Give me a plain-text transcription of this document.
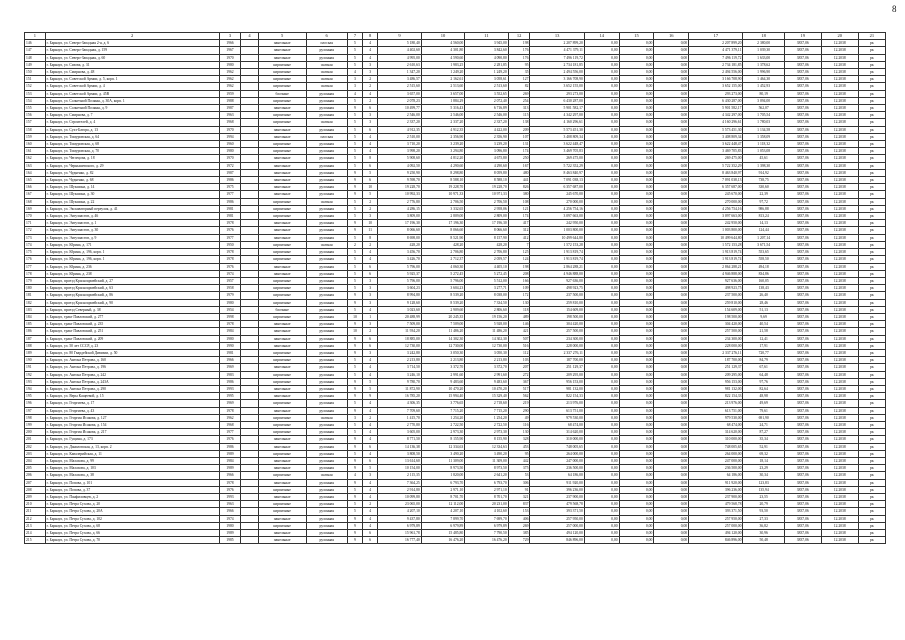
8
1	2	3	4	5	6	7	8	9	10	11	12	13	14	15	16	17	18	19	20	21
146	г. Барнаул, ул. Северо-Западная 2-я, д. 6	1966		панельные	плоская	5	4	5 180,40	4 560,00	3 945,00	198	2 207 899,20	0,00	0,00	0,00	2 207 899,20	2 380,00	3837,06	12.2038	рк
147	г. Барнаул, ул. Северо-Западная, д. 159	1967		панельные	рулонная	5	4	4 402,60	4 301,80	3 842,60	176	4 471 379,11	0,00	0,00	0,00	4 471 379,11	1 039,30	3837,06	12.2038	рк
148	г. Барнаул, ул. Северо-Западная, д. 60	1970		панельные	рулонная	5	4	4 995,00	4 590,60	4 090,80	176	7 496 119,72	0,00	0,00	0,00	7 496 119,72	1 633,00	3837,06	12.2038	рк
149	г. Барнаул, ул. Сизова, д. 31	1980		кирпичные	скатная	5	3	2 610,63	1 983,25	2 281,85	95	2 734 181,85	0,00	0,00	0,00	2 734 181,85	1 378,62	3837,06	12.2038	рк
150	г. Барнаул, ул. Смирнова, д. 48	1962		кирпичные	скатная	4	3	1 347,20	1 249,20	1 249,20	35	2 494 556,00	0,00	0,00	0,00	2 494 556,00	1 996,90	3837,06	12.2038	рк
151	г. Барнаул, ул. Советской Армии, д. 5, корп. 1	1962		кирпичные	скатная	3	2	3 486,57	2 162,61	3 058,61	127	3 166 708,90	0,00	0,00	0,00	3 166 708,90	1 464,30	3837,06	12.2038	рк
152	г. Барнаул, ул. Советской Армии, д. 4	1962		кирпичные	скатная	3	2	2 515,60	2 513,60	2 513,60	82	3 652 155,00	0,00	0,00	0,00	3 652 155,00	1 452,93	3837,06	12.2038	рк
153	г. Барнаул, ул. Советской Армии, д. 45В	1959		блочные	рулонная	4	4	3 657,00	3 657,00	3 552,65	269	293 273,00	0,00	0,00	0,00	293 273,00	80,19	3837,06	12.2038	рк
154	г. Барнаул, ул. Солнечной Поляны, д. 30А, корп. 1	1988		кирпичные	рулонная	5	2	2 078,23	1 884,29	2 072,40	254	6 430 287,00	0,00	0,00	0,00	6 430 287,00	3 094,00	3837,06	12.2038	рк
155	г. Барнаул, ул. Солнечной Поляны, д. 9	1987		панельные	рулонная	9	6	10 499,77	5 316,43	6 716,89	313	5 901 582,17	0,00	0,00	0,00	5 901 582,17	562,07	3837,06	12.2038	рк
156	г. Барнаул, ул. Смирнова, д. 7	1963		кирпичные	рулонная	5	3	2 546,00	2 546,00	2 546,00	115	4 342 297,00	0,00	0,00	0,00	4 342 297,00	1 705,54	3837,06	12.2038	рк
157	г. Барнаул, ул. Строителей, д. 4	1968		кирпичные	скатная	5	3	2 337,20	2 337,20	2 337,20	138	4 160 296,61	0,00	0,00	0,00	4 160 296,61	1 780,03	3837,06	12.2038	рк
158	г. Барнаул, ул. Сухэ-Батора, д. 13	1970		панельные	рулонная	5	6	4 912,35	4 912,35	4 422,00	209	5 573 451,30	0,00	0,00	0,00	5 573 451,30	1 134,58	3837,06	12.2038	рк
159	г. Барнаул, ул. Тимуровская, д. 64	1994		панельные	плоская	5	4	2 510,00	2 356,90	2 356,90	107	3 408 809,34	0,00	0,00	0,00	3 408 809,34	1 358,09	3837,06	12.2038	рк
160	г. Барнаул, ул. Тимуровская, д. 68	1960		кирпичные	рулонная	5	4	3 710,20	3 239,20	3 239,20	131	3 622 448,47	0,00	0,00	0,00	3 622 448,47	1 118,32	3837,06	12.2038	рк
161	г. Барнаул, ул. Тимуровская, д. 70	1980		кирпичные	рулонная	5	4	3 998,20	3 294,80	3 096,80	174	3 469 705,83	0,00	0,00	0,00	3 469 705,83	1 053,08	3837,06	12.2038	рк
162	г. Барнаул, ул. Чеглецова, д. 18	1970		панельные	рулонная	5	8	5 908,60	4 812,20	4 675,80	250	269 475,00	0,00	0,00	0,00	269 475,00	45,61	3837,06	12.2038	рк
163	г. Барнаул, ул. Чернышевского, д. 29	1972		панельные	рулонная	5	6	4 092,50	4 290,60	4 290,60	167	5 722 352,29	0,00	0,00	0,00	5 722 352,29	1 398,30	3837,06	12.2038	рк
164	г. Барнаул, ул. Чудненко, д. 82	1987		панельные	рулонная	9	5	9 250,90	8 298,80	8 059,80	480	8 463 840,97	0,00	0,00	0,00	8 463 840,97	914,92	3837,06	12.2038	рк
165	г. Барнаул, ул. Чудненко, д. 68	1986		панельные	рулонная	9	6	9 598,70	8 588,10	8 588,10	441	7 091 038,13	0,00	0,00	0,00	7 091 038,13	738,75	3837,06	12.2038	рк
166	г. Барнаул, ул. Шукшина, д. 14	1975		панельные	рулонная	9	10	19 228,70	19 228,70	19 228,70	826	6 357 687,00	0,00	0,00	0,00	6 357 687,00	330,60	3837,06	12.2038	рк
167	г. Барнаул, ул. Шукшина, д. 30	1977		панельные	рулонная	9	5	10 992,33	10 971,33	10 971,33	380	245 670,00	0,00	0,00	0,00	245 670,00	22,39	3837,06	12.2038	рк
168	г. Барнаул, ул. Шукшина, д. 22	1986		кирпичные	скатная	5	2	2 776,80	2 706,50	2 706,50	108	270 000,00	0,00	0,00	0,00	270 000,00	97,72	3837,06	12.2038	рк
169	г. Барнаул, ул. Экскаваторный переулок, д. 41	1981		кирпичные	рулонная	5	2	4 286,15	3 332,65	2 958,06	121	4 256 754,16	0,00	0,00	0,00	4 256 754,16	986,88	3837,06	12.2038	рк
170	г. Барнаул, ул. Энтузиастов, д. 46	1981		кирпичные	рулонная	5	3	3 809,00	2 809,00	2 809,00	174	3 097 663,00	0,00	0,00	0,00	3 097 663,00	813,24	3837,06	12.2038	рк
171	г. Барнаул, ул. Энтузиастов, д. 1	1978		панельные	рулонная	9	10	17 196,30	17 196,30	17 196,30	417	242 950,00	0,00	0,00	0,00	242 950,00	14,13	3837,06	12.2038	рк
172	г. Барнаул, ул. Энтузиастов, д. 30	1976		панельные	рулонная	9	11	8 066,60	8 066,60	8 066,60	312	1 003 800,00	0,00	0,00	0,00	1 003 800,00	124,44	3837,06	12.2038	рк
173	г. Барнаул, ул. Энтузиастов, д. 9	1977		панельные	рулонная	5	8	8 698,00	8 521,90	8 157,90	412	10 499 644,80	0,00	0,00	0,00	10 499 644,80	1 207,14	3837,06	12.2038	рк
174	г. Барнаул, ул. Юрина, д. 171	1950		кирпичные	скатная	2	2	428,20	428,20	428,20	7	1 572 153,28	0,00	0,00	0,00	1 572 153,28	3 671,54	3837,06	12.2038	рк
175	г. Барнаул, ул. Юрина, д. 196, корп. 1	1978		кирпичные	рулонная	5	4	3 456,70	2 706,80	2 706,80	125	1 913 819,74	0,00	0,00	0,00	1 913 819,74	553,65	3837,06	12.2038	рк
176	г. Барнаул, ул. Юрина, д. 196, корп. 1	1978		кирпичные	рулонная	5	4	3 426,70	2 712,37	2 059,57	124	1 913 819,74	0,00	0,00	0,00	1 913 819,74	558,50	3837,06	12.2038	рк
177	г. Барнаул, ул. Юрина, д. 236	1976		панельные	рулонная	5	6	5 796,00	4 060,30	4 405,10	198	2 864 288,21	0,00	0,00	0,00	2 864 288,21	494,18	3837,06	12.2038	рк
178	г. Барнаул, ул. Юрина, д. 238	1974		панельные	рулонная	5	6	5 925,37	5 272,45	5 272,45	208	4 946 888,00	0,00	0,00	0,00	4 946 888,00	834,86	3837,06	12.2038	рк
179	г. Барнаул, проезд Красноармейский, д. 27	1957		кирпичные	рулонная	5	3	5 796,00	5 796,00	5 512,00	166	927 636,00	0,00	0,00	0,00	927 636,00	160,05	3837,06	12.2038	рк
180	г. Барнаул, проезд Красноармейский, д. 63	1958		кирпичные	рулонная	5	3	3 604,23	3 604,23	3 277,71	109	498 923,75	0,00	0,00	0,00	498 923,75	138,43	3837,06	12.2038	рк
181	г. Барнаул, проезд Красноармейский, д. 86	1979		кирпичные	рулонная	9	3	8 994,80	8 539,20	8 038,00	172	237 500,00	0,00	0,00	0,00	237 500,00	26,40	3837,06	12.2038	рк
182	г. Барнаул, проезд Красноармейский, д. 90	1980		кирпичные	рулонная	9	3	9 128,60	8 539,20	7 334,50	130	259 810,00	0,00	0,00	0,00	259 810,00	28,46	3837,06	12.2038	рк
183	г. Барнаул, проезд Северный, д. 38	1954		блочные	рулонная	5	4	3 023,60	2 909,60	2 806,60	118	154 609,00	0,00	0,00	0,00	154 609,00	51,13	3837,06	12.2038	рк
184	г. Барнаул, тракт Павловский, д. 277	1998		кирпичные	рулонная	10	1	20 488,99	20 245,35	19 156,20	489	198 500,00	0,00	0,00	0,00	198 500,00	9,69	3837,06	12.2038	рк
185	г. Барнаул, тракт Павловский, д. 235	1978		панельные	рулонная	9	3	7 509,00	7 509,00	5 928,00	146	304 420,00	0,00	0,00	0,00	304 420,00	40,54	3837,06	12.2038	рк
186	г. Барнаул, тракт Павловский, д. 251	1984		панельные	рулонная	10	2	11 934,20	11 486,20	11 486,20	421	257 500,00	0,00	0,00	0,00	257 500,00	21,58	3837,06	12.2038	рк
187	г. Барнаул, тракт Павловский, д. 209	1980		панельные	рулонная	9	6	18 885,00	14 302,30	14 302,30	507	234 300,00	0,00	0,00	0,00	234 300,00	12,41	3837,06	12.2038	рк
188	г. Барнаул, ул. 50 лет СССР, д. 23	1990		панельные	рулонная	9	6	12 730,00	12 730,00	12 730,00	516	228 000,00	0,00	0,00	0,00	228 000,00	17,91	3837,06	12.2038	рк
189	г. Барнаул, ул. 80 Гвардейской Дивизии, д. 50	1981		кирпичные	рулонная	9	3	3 242,80	3 050,30	3 050,30	112	2 337 276,11	0,00	0,00	0,00	2 337 276,11	720,77	3837,06	12.2038	рк
190	г. Барнаул, ул. Антона Петрова, д. 160	1966		кирпичные	рулонная	5	4	2 213,80	2 213,80	2 213,80	103	187 700,00	0,00	0,00	0,00	187 700,00	84,79	3837,06	12.2038	рк
191	г. Барнаул, ул. Антона Петрова, д. 196	1969		панельные	рулонная	5	4	3 714,50	3 372,70	3 372,70	207	251 129,37	0,00	0,00	0,00	251 129,37	67,61	3837,06	12.2038	рк
192	г. Барнаул, ул. Антона Петрова, д. 242	1983		кирпичные	рулонная	5	4	3 246,10	2 991,60	2 991,60	272	209 295,00	0,00	0,00	0,00	209 295,00	64,48	3837,06	12.2038	рк
193	г. Барнаул, ул. Антона Петрова, д. 243А	1986		кирпичные	рулонная	9	5	9 780,70	9 483,60	9 483,60	367	956 153,00	0,00	0,00	0,00	956 153,00	97,76	3837,06	12.2038	рк
194	г. Барнаул, ул. Антона Петрова, д. 290	1993		панельные	рулонная	9	5	11 872,90	10 470,20	10 470,20	517	981 132,00	0,00	0,00	0,00	981 132,00	82,64	3837,06	12.2038	рк
195	г. Барнаул, ул. Веры Кащеевой, д. 15	1995		панельные	рулонная	9	9	16 785,20	15 994,40	15 329,40	562	822 154,33	0,00	0,00	0,00	822 154,33	48,98	3837,06	12.2038	рк
196	г. Барнаул, ул. Георгиева, д. 17	1969		кирпичные	рулонная	5	4	4 306,35	3 776,65	2 718,60	219	213 976,00	0,00	0,00	0,00	213 976,00	49,69	3837,06	12.2038	рк
197	г. Барнаул, ул. Георгиева, д. 43	1978		панельные	рулонная	9	4	7 709,60	7 715,20	7 715,20	290	613 751,00	0,00	0,00	0,00	613 751,00	79,61	3837,06	12.2038	рк
198	г. Барнаул, ул. Георгия Исакова, д. 127	1962		кирпичные	скатная	3	2	1 415,70	1 254,20	1 254,20	49	979 530,00	0,00	0,00	0,00	979 530,00	691,90	3837,06	12.2038	рк
199	г. Барнаул, ул. Георгия Исакова, д. 154	1968		кирпичные	рулонная	5	4	2 770,80	2 722,50	2 722,50	116	68 474,00	0,00	0,00	0,00	68 474,00	24,71	3837,06	12.2038	рк
200	г. Барнаул, ул. Георгия Исакова, д. 217	1977		кирпичные	рулонная	5	4	3 605,00	2 973,30	2 973,30	130	314 620,00	0,00	0,00	0,00	314 620,00	87,27	3837,06	12.2038	рк
201	г. Барнаул, ул. Гущина, д. 173	1976		панельные	рулонная	9	4	8 771,50	8 155,90	8 155,90	328	310 000,00	0,00	0,00	0,00	310 000,00	35,34	3837,06	12.2038	рк
202	г. Барнаул, ул. Даниловская, д. 13, корп. 2	1986		панельные	рулонная	9	6	14 136,38	12 334,63	12 334,63	453	748 005,65	0,00	0,00	0,00	748 005,65	52,91	3837,06	12.2038	рк
203	г. Барнаул, ул. Кавалерийская, д. 11	1989		кирпичные	рулонная	5	4	3 808,50	3 490,20	3 490,20	95	264 000,00	0,00	0,00	0,00	264 000,00	69,32	3837,06	12.2038	рк
204	г. Барнаул, ул. Малахова, д. 99	1984		панельные	рулонная	9	6	13 614,60	11 309,00	11 309,00	442	247 000,00	0,00	0,00	0,00	247 000,00	18,14	3837,06	12.2038	рк
205	г. Барнаул, ул. Малахова, д. 103	1989		панельные	рулонная	9	5	10 154,00	8 973,50	8 973,50	375	236 500,00	0,00	0,00	0,00	236 500,00	23,29	3837,06	12.2038	рк
206	г. Барнаул, ул. Малахова, д. 38	1966		кирпичные	скатная	4	3	2 115,35	1 820,00	2 641,20	53	64 186,00	0,00	0,00	0,00	64 186,00	30,34	3837,06	12.2038	рк
207	г. Барнаул, ул. Попова, д. 101	1978		панельные	рулонная	9	4	7 364,25	6 793,70	6 793,70	306	911 920,00	0,00	0,00	0,00	911 920,00	123,83	3837,06	12.2038	рк
208	г. Барнаул, ул. Попова, д. 37	1976		кирпичные	рулонная	5	4	2 914,80	2 971,10	2 971,10	91	396 236,00	0,00	0,00	0,00	396 236,00	135,94	3837,06	12.2038	рк
209	г. Барнаул, ул. Панфиловцев, д. 2	1993		панельные	рулонная	9	4	10 099,80	8 701,70	8 701,70	321	237 900,00	0,00	0,00	0,00	237 900,00	23,55	3837,06	12.2038	рк
210	г. Барнаул, ул. Петра Сухова, д. 20	1963		кирпичные	рулонная	5	2	23 065,00	12 112,00	20 231,00	837	479 568,78	0,00	0,00	0,00	479 568,78	20,79	3837,06	12.2038	рк
211	г. Барнаул, ул. Петра Сухова, д. 20А	1966		кирпичные	рулонная	5	4	4 207,10	4 207,10	4 102,60	153	393 371,50	0,00	0,00	0,00	393 371,50	93,50	3837,06	12.2038	рк
212	г. Барнаул, ул. Петра Сухова, д. 102	1974		панельные	рулонная	9	4	9 437,80	7 899,70	7 699,70	406	257 950,00	0,00	0,00	0,00	257 950,00	27,33	3837,06	12.2038	рк
213	г. Барнаул, ул. Петра Сухова, д. 68	1980		кирпичные	рулонная	9	4	6 979,89	6 979,89	6 979,89	269	257 000,00	0,00	0,00	0,00	257 000,00	36,82	3837,06	12.2038	рк
214	г. Барнаул, ул. Петра Сухова, д. 66	1989		панельные	рулонная	9	6	15 961,78	15 485,80	7 790,50	385	494 120,00	0,00	0,00	0,00	494 120,00	30,96	3837,06	12.2038	рк
215	г. Барнаул, ул. Петра Сухова, д. 70	1985		панельные	рулонная	9	6	16 777,40	16 476,20	16 476,20	729	846 896,00	0,00	0,00	0,00	846 896,00	50,48	3837,06	12.2038	рк
